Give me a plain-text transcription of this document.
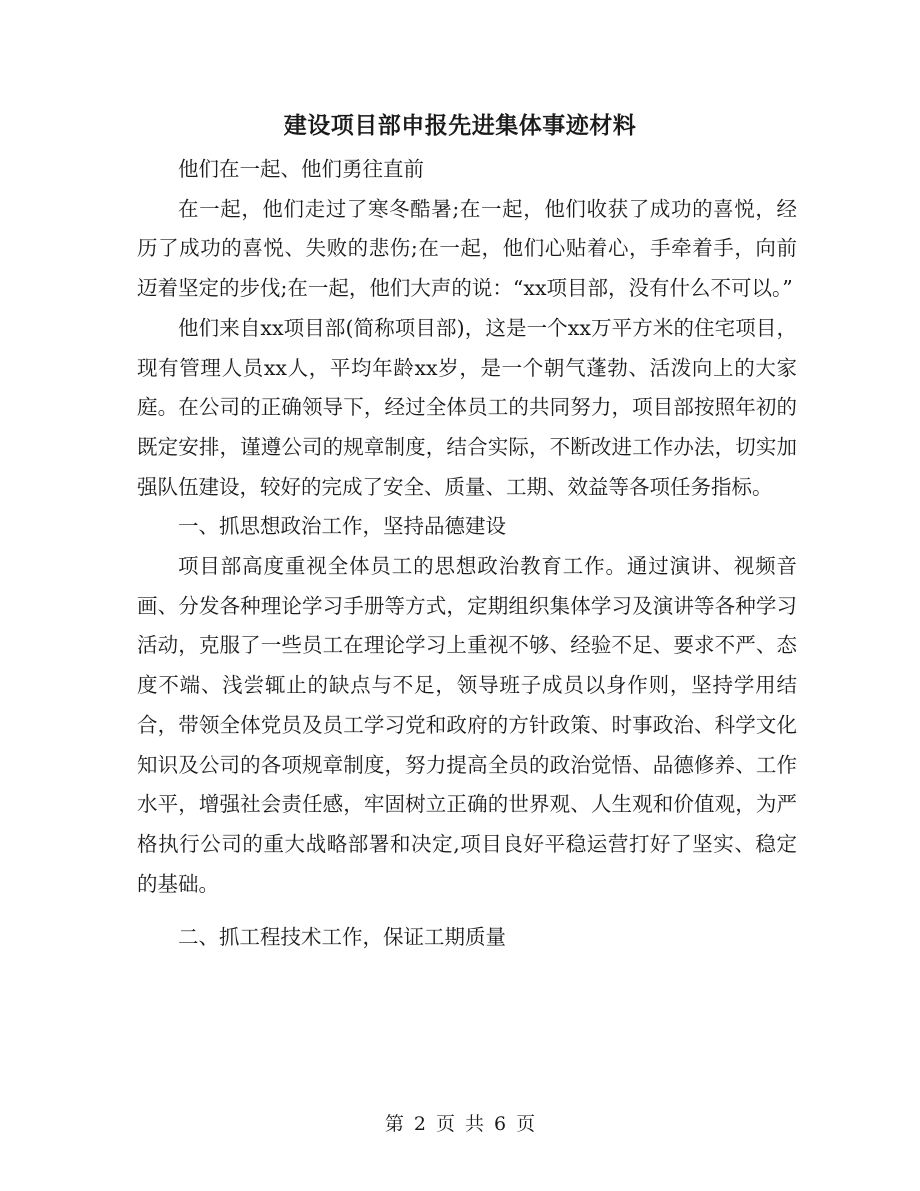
建设项目部申报先进集体事迹材料

他们在一起、他们勇往直前

在一起，他们走过了寒冬酷暑;在一起，他们收获了成功的喜悦，经历了成功的喜悦、失败的悲伤;在一起，他们心贴着心，手牵着手，向前迈着坚定的步伐;在一起，他们大声的说：“xx项目部，没有什么不可以。”

他们来自xx项目部(简称项目部)，这是一个xx万平方米的住宅项目，现有管理人员xx人，平均年龄xx岁，是一个朝气蓬勃、活泼向上的大家庭。在公司的正确领导下，经过全体员工的共同努力，项目部按照年初的既定安排，谨遵公司的规章制度，结合实际，不断改进工作办法，切实加强队伍建设，较好的完成了安全、质量、工期、效益等各项任务指标。

一、抓思想政治工作，坚持品德建设

项目部高度重视全体员工的思想政治教育工作。通过演讲、视频音画、分发各种理论学习手册等方式，定期组织集体学习及演讲等各种学习活动，克服了一些员工在理论学习上重视不够、经验不足、要求不严、态度不端、浅尝辄止的缺点与不足，领导班子成员以身作则，坚持学用结合，带领全体党员及员工学习党和政府的方针政策、时事政治、科学文化知识及公司的各项规章制度，努力提高全员的政治觉悟、品德修养、工作水平，增强社会责任感，牢固树立正确的世界观、人生观和价值观，为严格执行公司的重大战略部署和决定,项目良好平稳运营打好了坚实、稳定的基础。

二、抓工程技术工作，保证工期质量

第 2 页 共 6 页
